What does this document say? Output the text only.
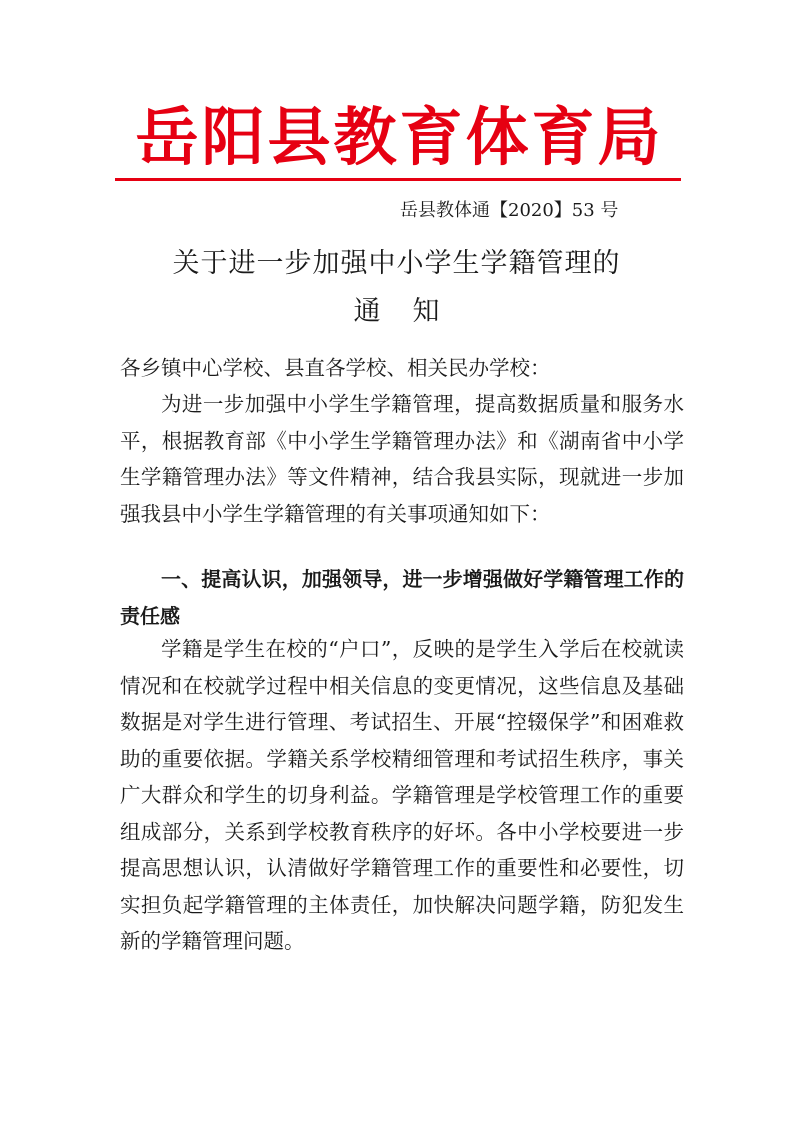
岳阳县教育体育局
岳县教体通【2020】53 号
关于进一步加强中小学生学籍管理的
通知

各乡镇中心学校、县直各学校、相关民办学校：

为进一步加强中小学生学籍管理，提高数据质量和服务水平，根据教育部《中小学生学籍管理办法》和《湖南省中小学生学籍管理办法》等文件精神，结合我县实际，现就进一步加强我县中小学生学籍管理的有关事项通知如下：

一、提高认识，加强领导，进一步增强做好学籍管理工作的责任感

学籍是学生在校的“户口”，反映的是学生入学后在校就读情况和在校就学过程中相关信息的变更情况，这些信息及基础数据是对学生进行管理、考试招生、开展“控辍保学”和困难救助的重要依据。学籍关系学校精细管理和考试招生秩序，事关广大群众和学生的切身利益。学籍管理是学校管理工作的重要组成部分，关系到学校教育秩序的好坏。各中小学校要进一步提高思想认识，认清做好学籍管理工作的重要性和必要性，切实担负起学籍管理的主体责任，加快解决问题学籍，防犯发生新的学籍管理问题。
